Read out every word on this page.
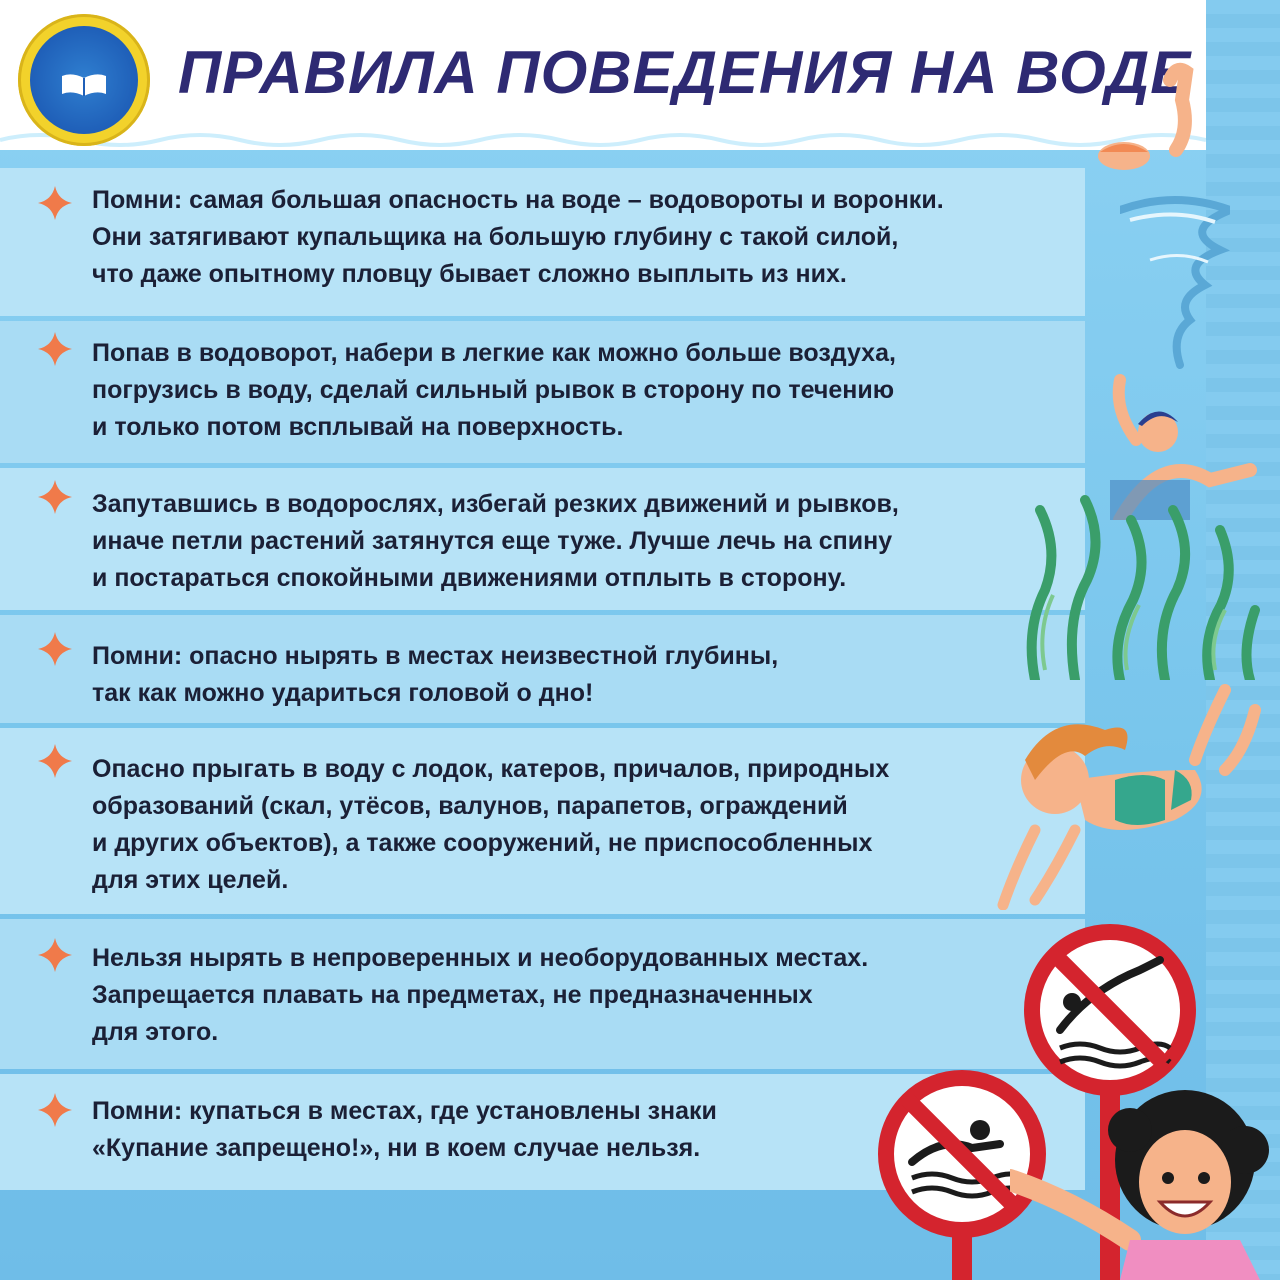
ПРАВИЛА ПОВЕДЕНИЯ НА ВОДЕ
Помни: самая большая опасность на воде – водовороты и воронки.
Они затягивают купальщика на большую глубину с такой силой,
что даже опытному пловцу бывает сложно выплыть из них.
Попав в водоворот, набери в легкие как можно больше воздуха,
погрузись в воду, сделай сильный рывок в сторону по течению
и только потом всплывай на поверхность.
Запутавшись в водорослях, избегай резких движений и рывков,
иначе петли растений затянутся еще туже. Лучше лечь на спину
и постараться спокойными движениями отплыть в сторону.
Помни: опасно нырять в местах неизвестной глубины,
так как можно удариться головой о дно!
Опасно прыгать в воду с лодок, катеров, причалов, природных
образований (скал, утёсов, валунов, парапетов, ограждений
и других объектов), а также сооружений, не приспособленных
для этих целей.
Нельзя нырять в непроверенных и необорудованных местах.
Запрещается плавать на предметах, не предназначенных
для этого.
Помни: купаться в местах, где установлены знаки
«Купание запрещено!», ни в коем случае нельзя.
